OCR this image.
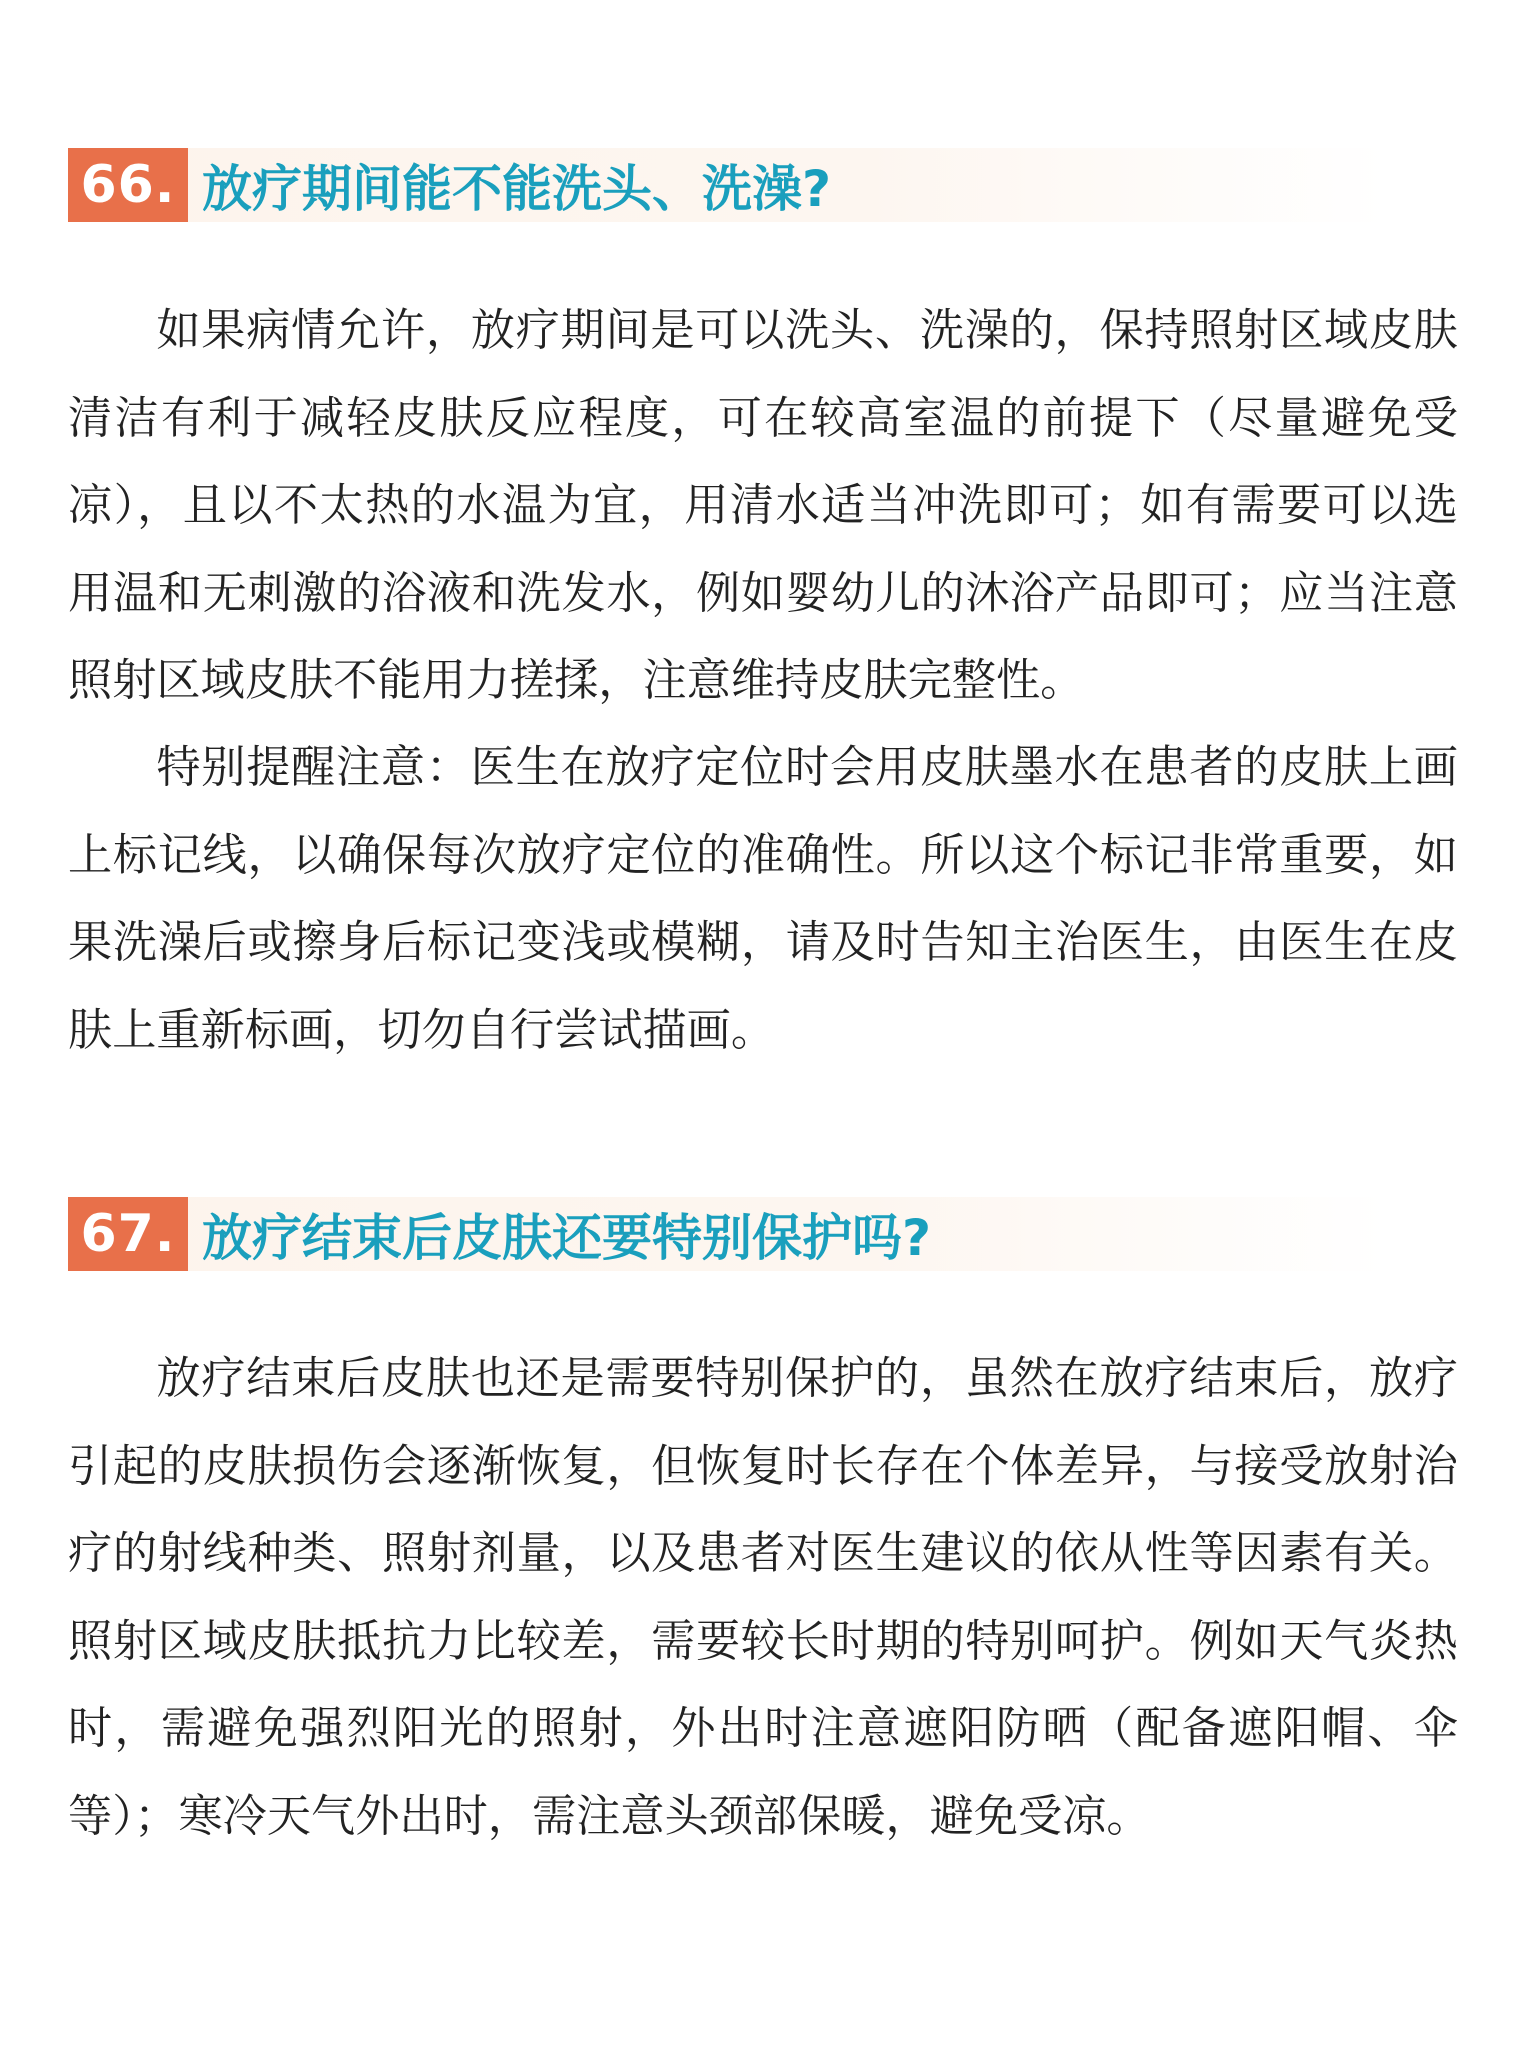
66. 放疗期间能不能洗头、洗澡?

如果病情允许，放疗期间是可以洗头、洗澡的，保持照射区域皮肤清洁有利于减轻皮肤反应程度，可在较高室温的前提下（尽量避免受凉），且以不太热的水温为宜，用清水适当冲洗即可；如有需要可以选用温和无刺激的浴液和洗发水，例如婴幼儿的沐浴产品即可；应当注意照射区域皮肤不能用力搓揉，注意维持皮肤完整性。

特别提醒注意：医生在放疗定位时会用皮肤墨水在患者的皮肤上画上标记线，以确保每次放疗定位的准确性。所以这个标记非常重要，如果洗澡后或擦身后标记变浅或模糊，请及时告知主治医生，由医生在皮肤上重新标画，切勿自行尝试描画。

67. 放疗结束后皮肤还要特别保护吗?

放疗结束后皮肤也还是需要特别保护的，虽然在放疗结束后，放疗引起的皮肤损伤会逐渐恢复，但恢复时长存在个体差异，与接受放射治疗的射线种类、照射剂量，以及患者对医生建议的依从性等因素有关。照射区域皮肤抵抗力比较差，需要较长时期的特别呵护。例如天气炎热时，需避免强烈阳光的照射，外出时注意遮阳防晒（配备遮阳帽、伞等）；寒冷天气外出时，需注意头颈部保暖，避免受凉。
